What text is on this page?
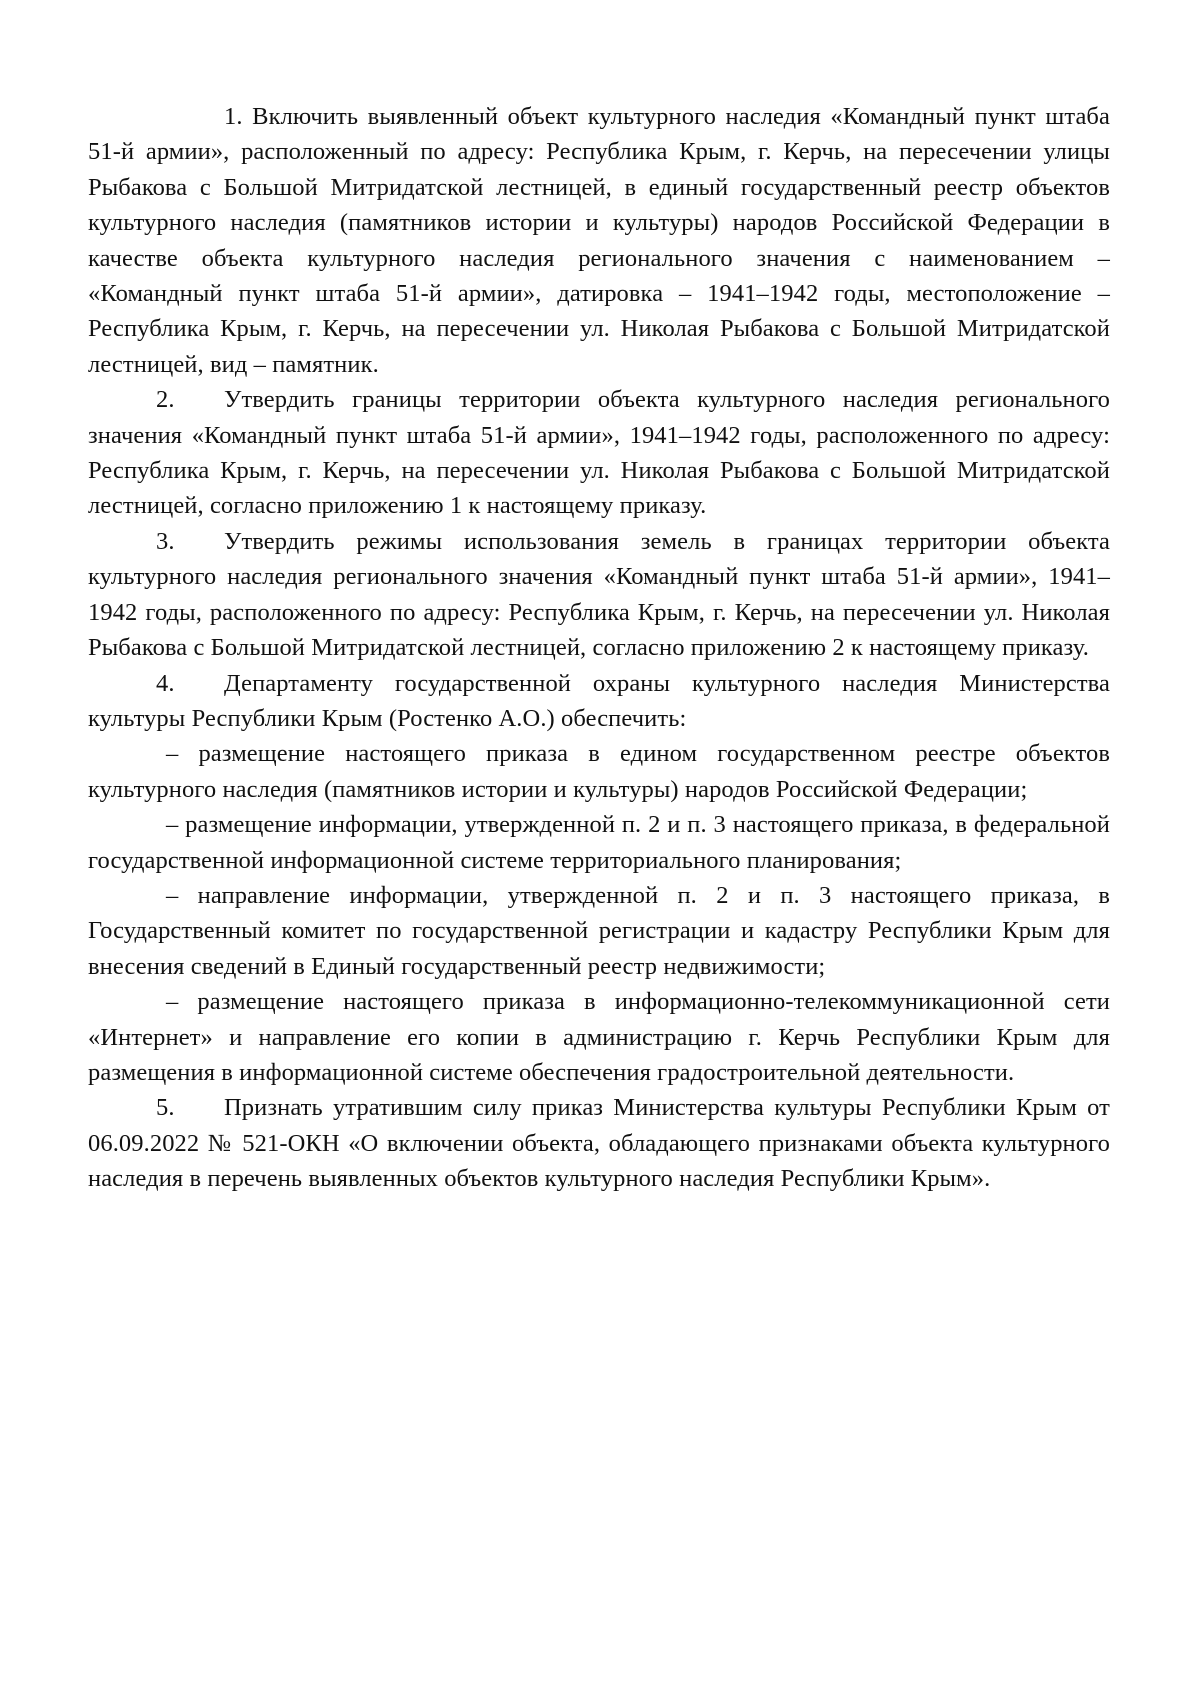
1. Включить выявленный объект культурного наследия «Командный пункт штаба 51-й армии», расположенный по адресу: Республика Крым, г. Керчь, на пересечении улицы Рыбакова с Большой Митридатской лестницей, в единый государственный реестр объектов культурного наследия (памятников истории и культуры) народов Российской Федерации в качестве объекта культурного наследия регионального значения с наименованием – «Командный пункт штаба 51-й армии», датировка – 1941–1942 годы, местоположение – Республика Крым, г. Керчь, на пересечении ул. Николая Рыбакова с Большой Митридатской лестницей, вид – памятник.

2. Утвердить границы территории объекта культурного наследия регионального значения «Командный пункт штаба 51-й армии», 1941–1942 годы, расположенного по адресу: Республика Крым, г. Керчь, на пересечении ул. Николая Рыбакова с Большой Митридатской лестницей, согласно приложению 1 к настоящему приказу.

3. Утвердить режимы использования земель в границах территории объекта культурного наследия регионального значения «Командный пункт штаба 51-й армии», 1941–1942 годы, расположенного по адресу: Республика Крым, г. Керчь, на пересечении ул. Николая Рыбакова с Большой Митридатской лестницей, согласно приложению 2 к настоящему приказу.

4. Департаменту государственной охраны культурного наследия Министерства культуры Республики Крым (Ростенко А.О.) обеспечить:

– размещение настоящего приказа в едином государственном реестре объектов культурного наследия (памятников истории и культуры) народов Российской Федерации;

– размещение информации, утвержденной п. 2 и п. 3 настоящего приказа, в федеральной государственной информационной системе территориального планирования;

– направление информации, утвержденной п. 2 и п. 3 настоящего приказа, в Государственный комитет по государственной регистрации и кадастру Республики Крым для внесения сведений в Единый государственный реестр недвижимости;

– размещение настоящего приказа в информационно-телекоммуникационной сети «Интернет» и направление его копии в администрацию г. Керчь Республики Крым для размещения в информационной системе обеспечения градостроительной деятельности.

5. Признать утратившим силу приказ Министерства культуры Республики Крым от 06.09.2022 № 521-ОКН «О включении объекта, обладающего признаками объекта культурного наследия в перечень выявленных объектов культурного наследия Республики Крым».
